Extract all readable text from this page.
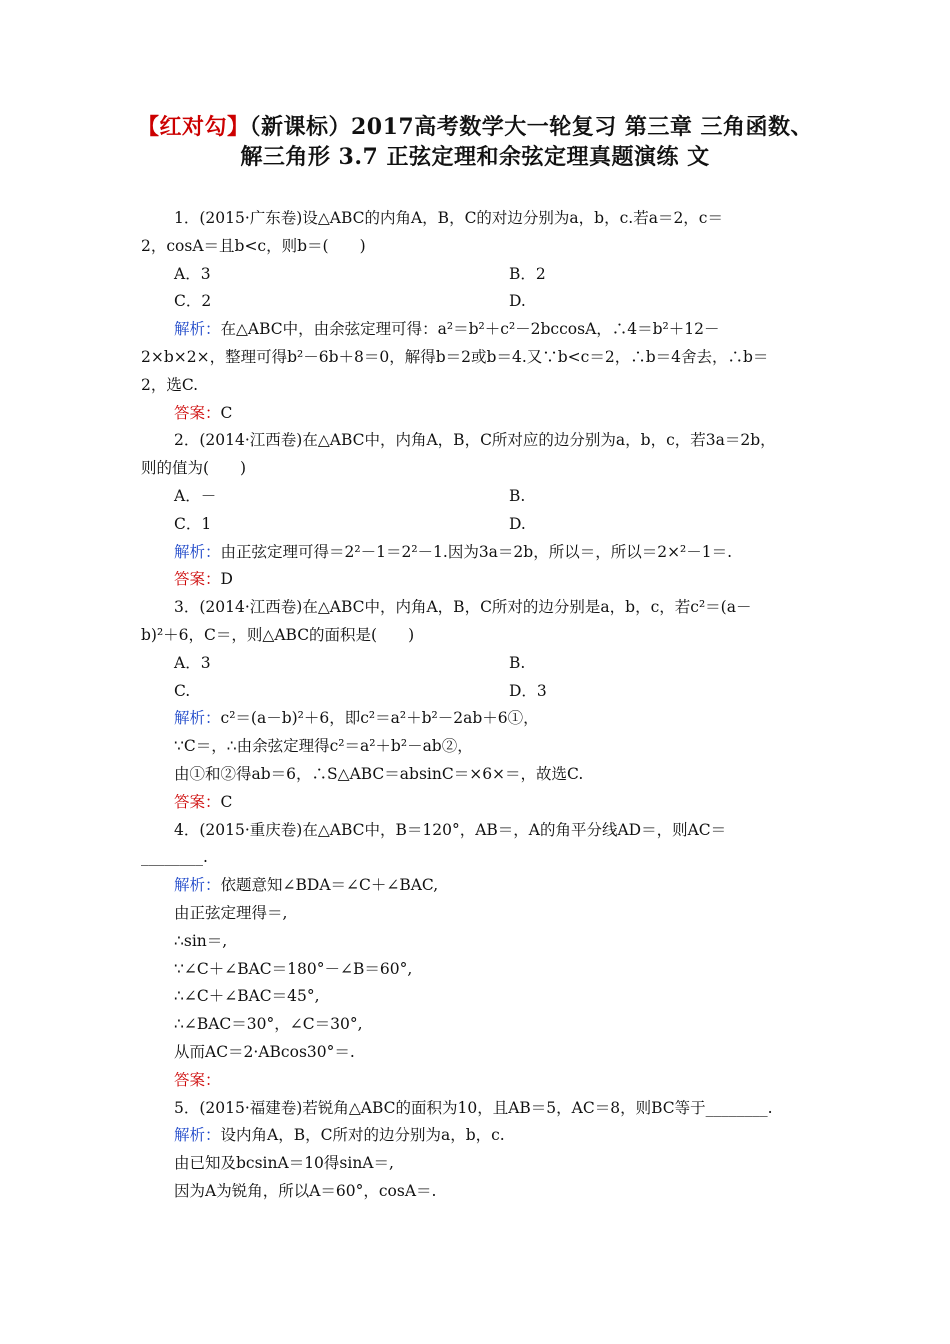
【红对勾】（新课标）2017高考数学大一轮复习 第三章 三角函数、
解三角形 3.7 正弦定理和余弦定理真题演练 文
1．(2015·广东卷)设△ABC的内角A，B，C的对边分别为a，b，c.若a＝2，c＝
2，cosA＝且b<c，则b＝(　　)
A．3	B．2
C．2	D.
解析：在△ABC中，由余弦定理可得：a²＝b²＋c²－2bccosA，∴4＝b²＋12－
2×b×2×，整理可得b²－6b＋8＝0，解得b＝2或b＝4.又∵b<c＝2，∴b＝4舍去，∴b＝
2，选C.
答案：C
2．(2014·江西卷)在△ABC中，内角A，B，C所对应的边分别为a，b，c，若3a＝2b，
则的值为(　　)
A．－	B.
C．1	D.
解析：由正弦定理可得＝2²－1＝2²－1.因为3a＝2b，所以＝，所以＝2×²－1＝.
答案：D
3．(2014·江西卷)在△ABC中，内角A，B，C所对的边分别是a，b，c，若c²＝(a－
b)²＋6，C＝，则△ABC的面积是(　　)
A．3	B.
C.	D．3
解析：c²＝(a－b)²＋6，即c²＝a²＋b²－2ab＋6①，
∵C＝，∴由余弦定理得c²＝a²＋b²－ab②，
由①和②得ab＝6，∴S△ABC＝absinC＝×6×＝，故选C.
答案：C
4．(2015·重庆卷)在△ABC中，B＝120°，AB＝，A的角平分线AD＝，则AC＝
________.
解析：依题意知∠BDA＝∠C＋∠BAC,
由正弦定理得＝,
∴sin＝,
∵∠C＋∠BAC＝180°－∠B＝60°,
∴∠C＋∠BAC＝45°,
∴∠BAC＝30°，∠C＝30°,
从而AC＝2·ABcos30°＝.
答案：
5．(2015·福建卷)若锐角△ABC的面积为10，且AB＝5，AC＝8，则BC等于________.
解析：设内角A，B，C所对的边分别为a，b，c.
由已知及bcsinA＝10得sinA＝,
因为A为锐角，所以A＝60°，cosA＝.
